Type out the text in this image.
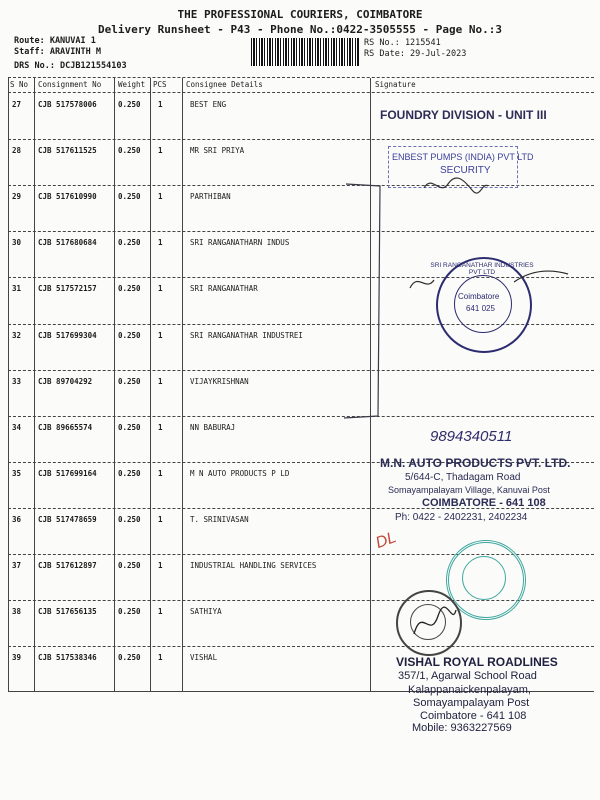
THE PROFESSIONAL COURIERS, COIMBATORE
Delivery Runsheet - P43 - Phone No.:0422-3505555 - Page No.:3
Route: KANUVAI 1
Staff: ARAVINTH M
DRS No.: DCJB121554103
RS No.: 1215541
RS Date: 29-Jul-2023
S No Consignment No Weight PCS	Consignee Details	Signature
27 CJB 517578006	0.250 1	BEST ENG
28 CJB 517611525	0.250 1	MR SRI PRIYA
29 CJB 517610990	0.250 1	PARTHIBAN
30 CJB 517680684	0.250 1	SRI RANGANATHARN INDUS
31 CJB 517572157	0.250 1	SRI RANGANATHAR
32 CJB 517699304	0.250 1	SRI RANGANATHAR INDUSTREI
33 CJB 89704292	0.250 1	VIJAYKRISHNAN
34 CJB 89665574	0.250 1	NN BABURAJ
35 CJB 517699164	0.250 1	M N AUTO PRODUCTS P LD
36 CJB 517478659	0.250 1	T. SRINIVASAN
37 CJB 517612897	0.250 1	INDUSTRIAL HANDLING SERVICES
38 CJB 517656135	0.250 1	SATHIYA
39 CJB 517538346	0.250 1	VISHAL
FOUNDRY DIVISION - UNIT III
ENBEST PUMPS (INDIA) PVT LTD
SECURITY
SRI RANGANATHAR INDUSTRIES PVT LTD
Coimbatore
641 025
9894340511
M.N. AUTO PRODUCTS PVT. LTD.
5/644-C, Thadagam Road
Somayampalayam Village, Kanuvai Post
COIMBATORE - 641 108
Ph: 0422 - 2402231, 2402234
DL
VISHAL ROYAL ROADLINES
357/1, Agarwal School Road
Kalappanaickenpalayam,
Somayampalayam Post
Coimbatore - 641 108
Mobile: 9363227569
